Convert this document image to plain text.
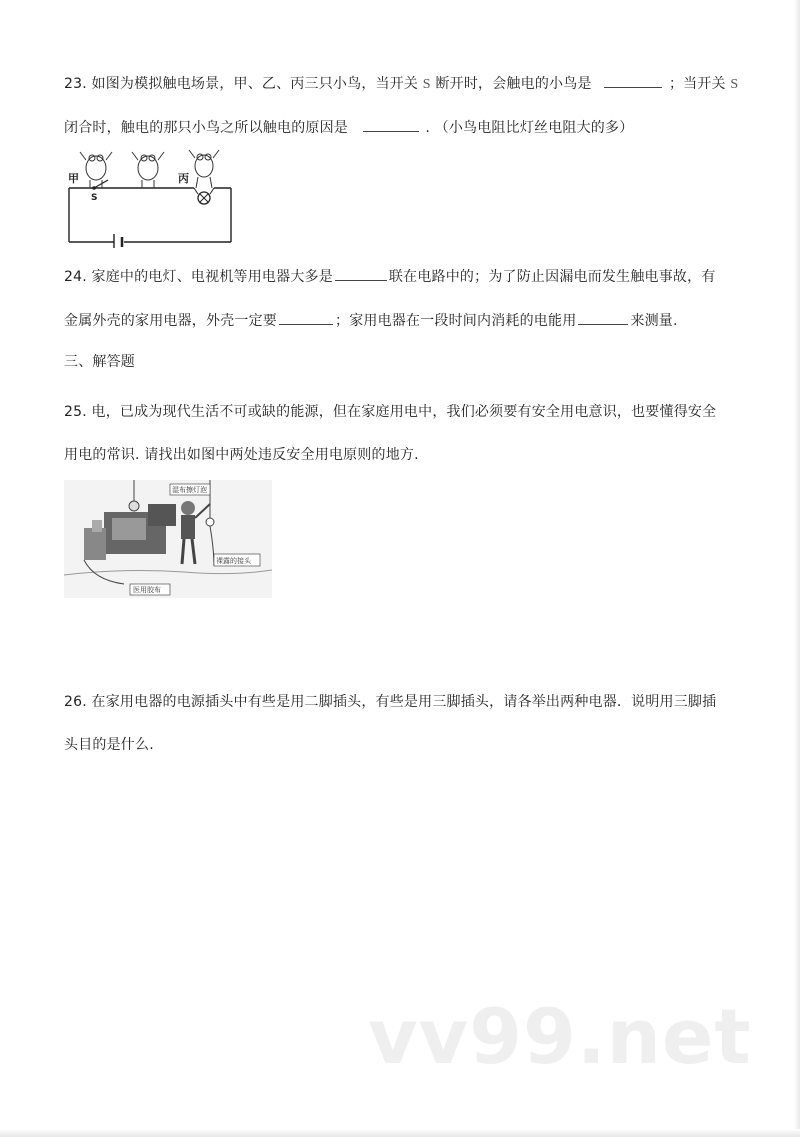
23. 如图为模拟触电场景，甲、乙、丙三只小鸟，当开关 S 断开时，会触电的小鸟是	；当开关 S
闭合时，触电的那只小鸟之所以触电的原因是	. （小鸟电阻比灯丝电阻大的多）
甲	丙
S
24. 家庭中的电灯、电视机等用电器大多是	联在电路中的；为了防止因漏电而发生触电事故，有
金属外壳的家用电器，外壳一定要	；家用电器在一段时间内消耗的电能用	来测量.
三、解答题
25. 电，已成为现代生活不可或缺的能源，但在家庭用电中，我们必须要有安全用电意识，也要懂得安全
用电的常识. 请找出如图中两处违反安全用电原则的地方.
湿布擦灯泡
裸露的接头
医用胶布
26. 在家用电器的电源插头中有些是用二脚插头，有些是用三脚插头，请各举出两种电器．说明用三脚插
头目的是什么.
vv99.net
